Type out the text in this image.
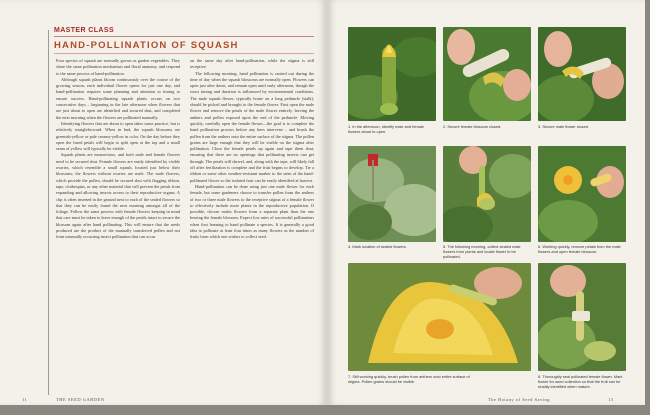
MASTER CLASS
HAND-POLLINATION OF SQUASH

Four species of squash are normally grown as garden vegetables. They share the same pollination mechanism and floral anatomy, and respond to the same process of hand-pollination.

Although squash plants bloom continuously over the course of the growing season, each individual flower opens for just one day, and hand-pollination requires some planning and attention to timing to ensure success. Hand-pollinating squash plants occurs on two consecutive days – beginning in the late afternoon when flowers that are just about to open are identified and secured shut, and completed the next morning when the flowers are pollinated manually.

Identifying flowers that are about to open takes some practice, but is relatively straightforward. When in bud, the squash blossoms are greenish-yellow or pale creamy-yellow in color. On the day before they open the fused petals will begin to split open at the top and a small seam of yellow will typically be visible.

Squash plants are monoecious, and both male and female flowers need to be secured shut. Female flowers are easily identified by visible ovaries, which resemble a small squash, located just below their blossoms; the flowers without ovaries are male. The male flowers, which provide the pollen, should be secured shut with flagging ribbon, tape, clothespins, or any other material that will prevent the petals from expanding and allowing insects access to their reproductive organs. A clip is often inserted in the ground next to each of the sealed flowers so that they can be easily found the next morning amongst all of the foliage. Follow the same process with female flowers keeping in mind that care must be taken to leave enough of the petals intact to secure the blossom again after hand pollinating. This will ensure that the seeds produced are the product of the manually transferred pollen and not from unusually occurring insect pollination that can occur

on the same day after hand-pollination, while the stigma is still receptive.

The following morning, hand pollination is carried out during the time of day when the squash blossoms are normally open. Flowers can open just after dawn, and remain open until early afternoon, though the exact timing and duration is influenced by environmental conditions. The male squash flower, typically borne on a long peduncle (stalk), should be picked and brought to the female flower. First open the male flower and remove the petals of the male flower entirely, leaving the anthers and pollen exposed upon the end of the peduncle. Moving quickly, carefully open the female flower—the goal is to complete the hand pollination process before any bees intervene – and brush the pollen from the anthers onto the entire surface of the stigma. The pollen grains are large enough that they will be visible on the stigma after pollination. Close the female petals up again and tape them shut, ensuring that there are no openings that pollinating insects can get through. The petals will shrivel, and, along with the tape, will likely fall off after fertilization is complete and the fruit begins to develop. Tie a ribbon or some other weather-resistant marker to the stem of the hand-pollinated flower so the isolated fruit can be easily identified at harvest.

Hand-pollination can be done using just one male flower for each female, but some gardeners choose to transfer pollen from the anthers of two or three male flowers to the receptive stigma of a female flower to effectively include more plants in the reproductive population. If possible, choose males flowers from a separate plant than the one bearing the female blossom. Expect low rates of successful pollinations when first learning to hand pollinate a species. It is generally a good idea to pollinate at least four times as many flowers as the number of fruits from which one wishes to collect seed.

11	THE SEED GARDEN	The Botany of Seed Saving	13
1. In the afternoon, identify male and female flowers about to open.
2. Secure female blossom closed.	3. Secure male flower closed.
5. The following morning, collect sealed male flowers from plants and locate flower to be pollinated.
6. Working quickly, remove petals from the male flowers and open female blossom.
4. Mark location of sealed flowers.
7. Still working quickly, brush pollen from anthers onto entire surface of stigma. Pollen grains should be visible.
8. Thoroughly seal pollinated female flower. Mark flower for seed collection so that the fruit can be readily identified when mature.
